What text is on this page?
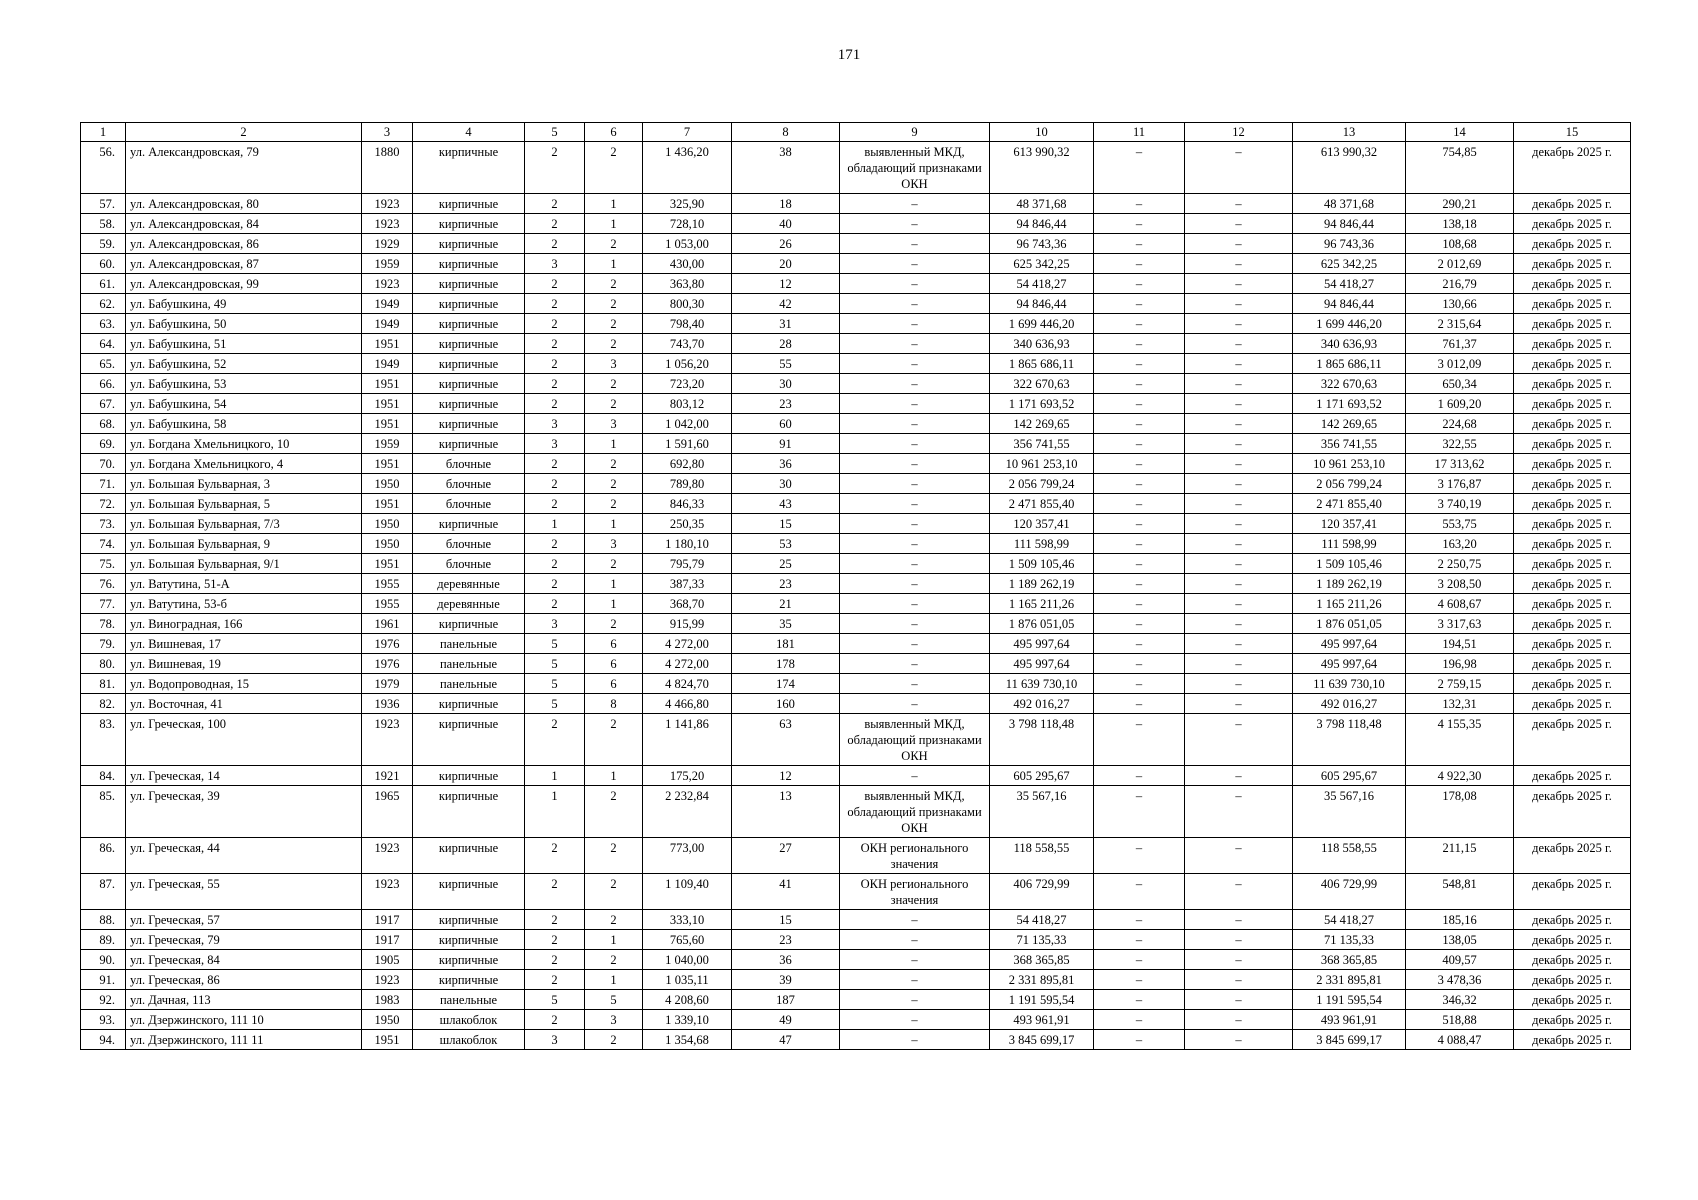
171
1	2	3	4	5	6	7	8	9	10	11	12	13	14	15
56.	ул. Александровская, 79	1880	кирпичные	2	2	1 436,20	38	выявленный МКД, обладающий признаками ОКН	613 990,32	–	–	613 990,32	754,85	декабрь 2025 г.
57.	ул. Александровская, 80	1923	кирпичные	2	1	325,90	18	–	48 371,68	–	–	48 371,68	290,21	декабрь 2025 г.
58.	ул. Александровская, 84	1923	кирпичные	2	1	728,10	40	–	94 846,44	–	–	94 846,44	138,18	декабрь 2025 г.
59.	ул. Александровская, 86	1929	кирпичные	2	2	1 053,00	26	–	96 743,36	–	–	96 743,36	108,68	декабрь 2025 г.
60.	ул. Александровская, 87	1959	кирпичные	3	1	430,00	20	–	625 342,25	–	–	625 342,25	2 012,69	декабрь 2025 г.
61.	ул. Александровская, 99	1923	кирпичные	2	2	363,80	12	–	54 418,27	–	–	54 418,27	216,79	декабрь 2025 г.
62.	ул. Бабушкина, 49	1949	кирпичные	2	2	800,30	42	–	94 846,44	–	–	94 846,44	130,66	декабрь 2025 г.
63.	ул. Бабушкина, 50	1949	кирпичные	2	2	798,40	31	–	1 699 446,20	–	–	1 699 446,20	2 315,64	декабрь 2025 г.
64.	ул. Бабушкина, 51	1951	кирпичные	2	2	743,70	28	–	340 636,93	–	–	340 636,93	761,37	декабрь 2025 г.
65.	ул. Бабушкина, 52	1949	кирпичные	2	3	1 056,20	55	–	1 865 686,11	–	–	1 865 686,11	3 012,09	декабрь 2025 г.
66.	ул. Бабушкина, 53	1951	кирпичные	2	2	723,20	30	–	322 670,63	–	–	322 670,63	650,34	декабрь 2025 г.
67.	ул. Бабушкина, 54	1951	кирпичные	2	2	803,12	23	–	1 171 693,52	–	–	1 171 693,52	1 609,20	декабрь 2025 г.
68.	ул. Бабушкина, 58	1951	кирпичные	3	3	1 042,00	60	–	142 269,65	–	–	142 269,65	224,68	декабрь 2025 г.
69.	ул. Богдана Хмельницкого, 10	1959	кирпичные	3	1	1 591,60	91	–	356 741,55	–	–	356 741,55	322,55	декабрь 2025 г.
70.	ул. Богдана Хмельницкого, 4	1951	блочные	2	2	692,80	36	–	10 961 253,10	–	–	10 961 253,10	17 313,62	декабрь 2025 г.
71.	ул. Большая Бульварная, 3	1950	блочные	2	2	789,80	30	–	2 056 799,24	–	–	2 056 799,24	3 176,87	декабрь 2025 г.
72.	ул. Большая Бульварная, 5	1951	блочные	2	2	846,33	43	–	2 471 855,40	–	–	2 471 855,40	3 740,19	декабрь 2025 г.
73.	ул. Большая Бульварная, 7/3	1950	кирпичные	1	1	250,35	15	–	120 357,41	–	–	120 357,41	553,75	декабрь 2025 г.
74.	ул. Большая Бульварная, 9	1950	блочные	2	3	1 180,10	53	–	111 598,99	–	–	111 598,99	163,20	декабрь 2025 г.
75.	ул. Большая Бульварная, 9/1	1951	блочные	2	2	795,79	25	–	1 509 105,46	–	–	1 509 105,46	2 250,75	декабрь 2025 г.
76.	ул. Ватутина, 51-А	1955	деревянные	2	1	387,33	23	–	1 189 262,19	–	–	1 189 262,19	3 208,50	декабрь 2025 г.
77.	ул. Ватутина, 53-б	1955	деревянные	2	1	368,70	21	–	1 165 211,26	–	–	1 165 211,26	4 608,67	декабрь 2025 г.
78.	ул. Виноградная, 166	1961	кирпичные	3	2	915,99	35	–	1 876 051,05	–	–	1 876 051,05	3 317,63	декабрь 2025 г.
79.	ул. Вишневая, 17	1976	панельные	5	6	4 272,00	181	–	495 997,64	–	–	495 997,64	194,51	декабрь 2025 г.
80.	ул. Вишневая, 19	1976	панельные	5	6	4 272,00	178	–	495 997,64	–	–	495 997,64	196,98	декабрь 2025 г.
81.	ул. Водопроводная, 15	1979	панельные	5	6	4 824,70	174	–	11 639 730,10	–	–	11 639 730,10	2 759,15	декабрь 2025 г.
82.	ул. Восточная, 41	1936	кирпичные	5	8	4 466,80	160	–	492 016,27	–	–	492 016,27	132,31	декабрь 2025 г.
83.	ул. Греческая, 100	1923	кирпичные	2	2	1 141,86	63	выявленный МКД, обладающий признаками ОКН	3 798 118,48	–	–	3 798 118,48	4 155,35	декабрь 2025 г.
84.	ул. Греческая, 14	1921	кирпичные	1	1	175,20	12	–	605 295,67	–	–	605 295,67	4 922,30	декабрь 2025 г.
85.	ул. Греческая, 39	1965	кирпичные	1	2	2 232,84	13	выявленный МКД, обладающий признаками ОКН	35 567,16	–	–	35 567,16	178,08	декабрь 2025 г.
86.	ул. Греческая, 44	1923	кирпичные	2	2	773,00	27	ОКН регионального значения	118 558,55	–	–	118 558,55	211,15	декабрь 2025 г.
87.	ул. Греческая, 55	1923	кирпичные	2	2	1 109,40	41	ОКН регионального значения	406 729,99	–	–	406 729,99	548,81	декабрь 2025 г.
88.	ул. Греческая, 57	1917	кирпичные	2	2	333,10	15	–	54 418,27	–	–	54 418,27	185,16	декабрь 2025 г.
89.	ул. Греческая, 79	1917	кирпичные	2	1	765,60	23	–	71 135,33	–	–	71 135,33	138,05	декабрь 2025 г.
90.	ул. Греческая, 84	1905	кирпичные	2	2	1 040,00	36	–	368 365,85	–	–	368 365,85	409,57	декабрь 2025 г.
91.	ул. Греческая, 86	1923	кирпичные	2	1	1 035,11	39	–	2 331 895,81	–	–	2 331 895,81	3 478,36	декабрь 2025 г.
92.	ул. Дачная, 113	1983	панельные	5	5	4 208,60	187	–	1 191 595,54	–	–	1 191 595,54	346,32	декабрь 2025 г.
93.	ул. Дзержинского, 111 10	1950	шлакоблок	2	3	1 339,10	49	–	493 961,91	–	–	493 961,91	518,88	декабрь 2025 г.
94.	ул. Дзержинского, 111 11	1951	шлакоблок	3	2	1 354,68	47	–	3 845 699,17	–	–	3 845 699,17	4 088,47	декабрь 2025 г.
